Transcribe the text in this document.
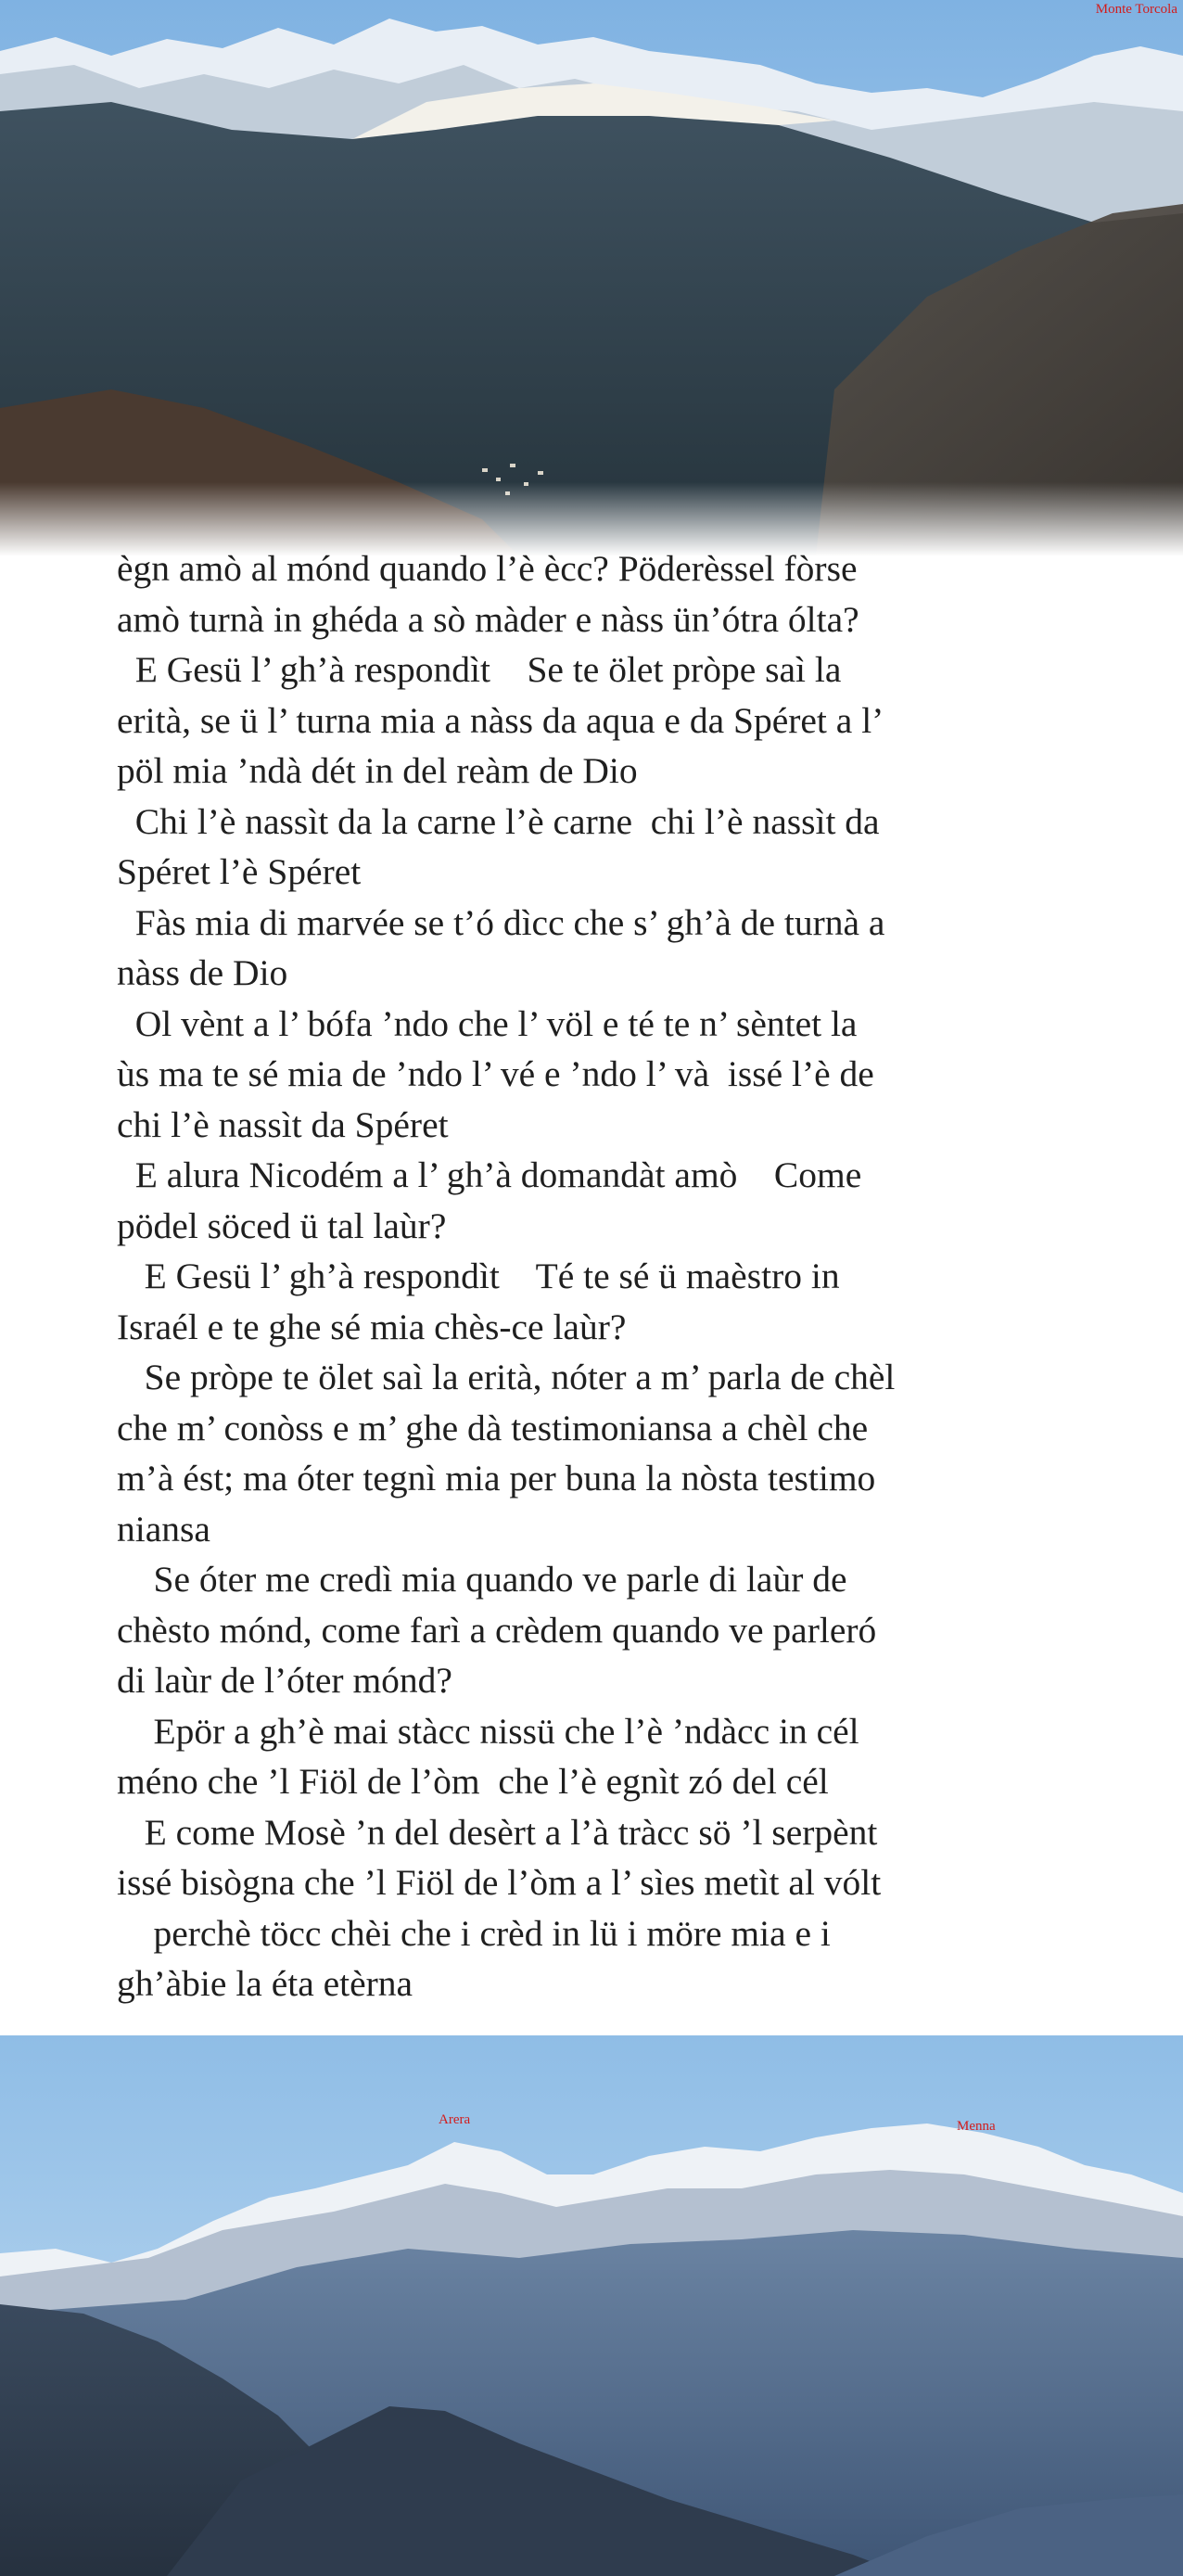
Monte Torcola
ègn amò al mónd quando l’è ècc? Pöderèssel fòrse
amò turnà in ghéda a sò màder e nàss ün’ótra ólta?
E Gesü l’ gh’à respondìt    Se te ölet pròpe saì la
erità, se ü l’ turna mia a nàss da aqua e da Spéret a l’
pöl mia ’ndà dét in del reàm de Dio
Chi l’è nassìt da la carne l’è carne  chi l’è nassìt da
Spéret l’è Spéret
Fàs mia di marvée se t’ó dìcc che s’ gh’à de turnà a
nàss de Dio
Ol vènt a l’ bófa ’ndo che l’ völ e té te n’ sèntet la
ùs ma te sé mia de ’ndo l’ vé e ’ndo l’ và  issé l’è de
chi l’è nassìt da Spéret
E alura Nicodém a l’ gh’à domandàt amò    Come
pödel söced ü tal laùr?
E Gesü l’ gh’à respondìt    Té te sé ü maèstro in
Israél e te ghe sé mia chès-ce laùr?
Se pròpe te ölet saì la erità, nóter a m’ parla de chèl
che m’ conòss e m’ ghe dà testimoniansa a chèl che
m’à ést; ma óter tegnì mia per buna la nòsta testimo
niansa
Se óter me credì mia quando ve parle di laùr de
chèsto mónd, come farì a crèdem quando ve parleró
di laùr de l’óter mónd?
Epör a gh’è mai stàcc nissü che l’è ’ndàcc in cél
méno che ’l Fiöl de l’òm  che l’è egnìt zó del cél
E come Mosè ’n del desèrt a l’à tràcc sö ’l serpènt
issé bisògna che ’l Fiöl de l’òm a l’ sìes metìt al vólt
perchè töcc chèi che i crèd in lü i möre mia e i
gh’àbie la éta etèrna
Arera	Menna
